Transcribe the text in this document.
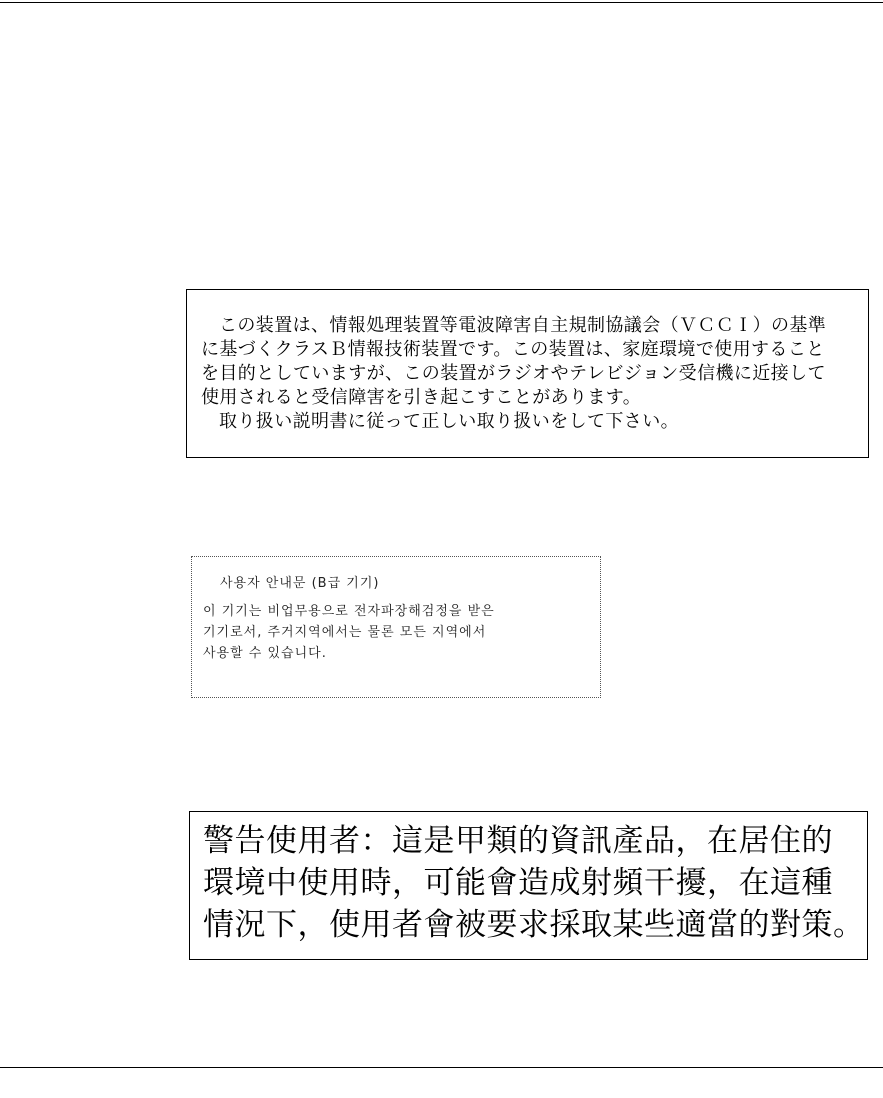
この装置は、情報処理装置等電波障害自主規制協議会（ＶＣＣＩ）の基準

に基づくクラスＢ情報技術装置です。この装置は、家庭環境で使用すること

を目的としていますが、この装置がラジオやテレビジョン受信機に近接して

使用されると受信障害を引き起こすことがあります。

取り扱い説明書に従って正しい取り扱いをして下さい。

사용자 안내문 (B급 기기)

이 기기는 비업무용으로 전자파장해검정을 받은

기기로서, 주거지역에서는 물론 모든 지역에서

사용할 수 있습니다.

警告使用者：這是甲類的資訊產品，在居住的

環境中使用時，可能會造成射頻干擾，在這種

情況下，使用者會被要求採取某些適當的對策。
